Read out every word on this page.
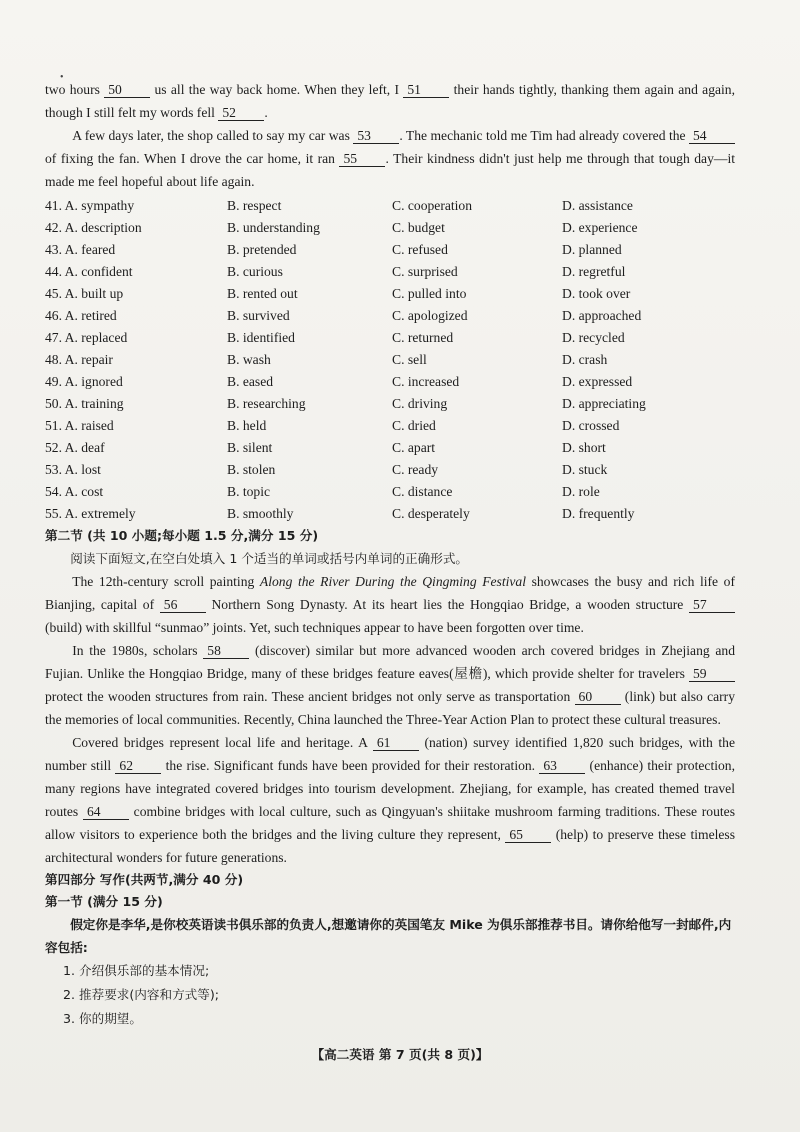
•

two hours 50 us all the way back home. When they left, I 51 their hands tightly, thanking them again and again, though I still felt my words fell 52 .

A few days later, the shop called to say my car was 53 . The mechanic told me Tim had already covered the 54 of fixing the fan. When I drove the car home, it ran 55 . Their kindness didn't just help me through that tough day—it made me feel hopeful about life again.

41. A. sympathy	B. respect	C. cooperation	D. assistance
42. A. description	B. understanding	C. budget	D. experience
43. A. feared	B. pretended	C. refused	D. planned
44. A. confident	B. curious	C. surprised	D. regretful
45. A. built up	B. rented out	C. pulled into	D. took over
46. A. retired	B. survived	C. apologized	D. approached
47. A. replaced	B. identified	C. returned	D. recycled
48. A. repair	B. wash	C. sell	D. crash
49. A. ignored	B. eased	C. increased	D. expressed
50. A. training	B. researching	C. driving	D. appreciating
51. A. raised	B. held	C. dried	D. crossed
52. A. deaf	B. silent	C. apart	D. short
53. A. lost	B. stolen	C. ready	D. stuck
54. A. cost	B. topic	C. distance	D. role
55. A. extremely	B. smoothly	C. desperately	D. frequently

第二节 (共 10 小题;每小题 1.5 分,满分 15 分)

阅读下面短文,在空白处填入 1 个适当的单词或括号内单词的正确形式。

The 12th-century scroll painting Along the River During the Qingming Festival showcases the busy and rich life of Bianjing, capital of 56 Northern Song Dynasty. At its heart lies the Hongqiao Bridge, a wooden structure 57 (build) with skillful “sunmao” joints. Yet, such techniques appear to have been forgotten over time.

In the 1980s, scholars 58 (discover) similar but more advanced wooden arch covered bridges in Zhejiang and Fujian. Unlike the Hongqiao Bridge, many of these bridges feature eaves(屋檐), which provide shelter for travelers 59 protect the wooden structures from rain. These ancient bridges not only serve as transportation 60 (link) but also carry the memories of local communities. Recently, China launched the Three-Year Action Plan to protect these cultural treasures.

Covered bridges represent local life and heritage. A 61 (nation) survey identified 1,820 such bridges, with the number still 62 the rise. Significant funds have been provided for their restoration. 63 (enhance) their protection, many regions have integrated covered bridges into tourism development. Zhejiang, for example, has created themed travel routes 64 combine bridges with local culture, such as Qingyuan's shiitake mushroom farming traditions. These routes allow visitors to experience both the bridges and the living culture they represent, 65 (help) to preserve these timeless architectural wonders for future generations.

第四部分 写作(共两节,满分 40 分)

第一节 (满分 15 分)

假定你是李华,是你校英语读书俱乐部的负责人,想邀请你的英国笔友 Mike 为俱乐部推荐书目。请你给他写一封邮件,内容包括:

1. 介绍俱乐部的基本情况;

2. 推荐要求(内容和方式等);

3. 你的期望。

【高二英语 第 7 页(共 8 页)】
